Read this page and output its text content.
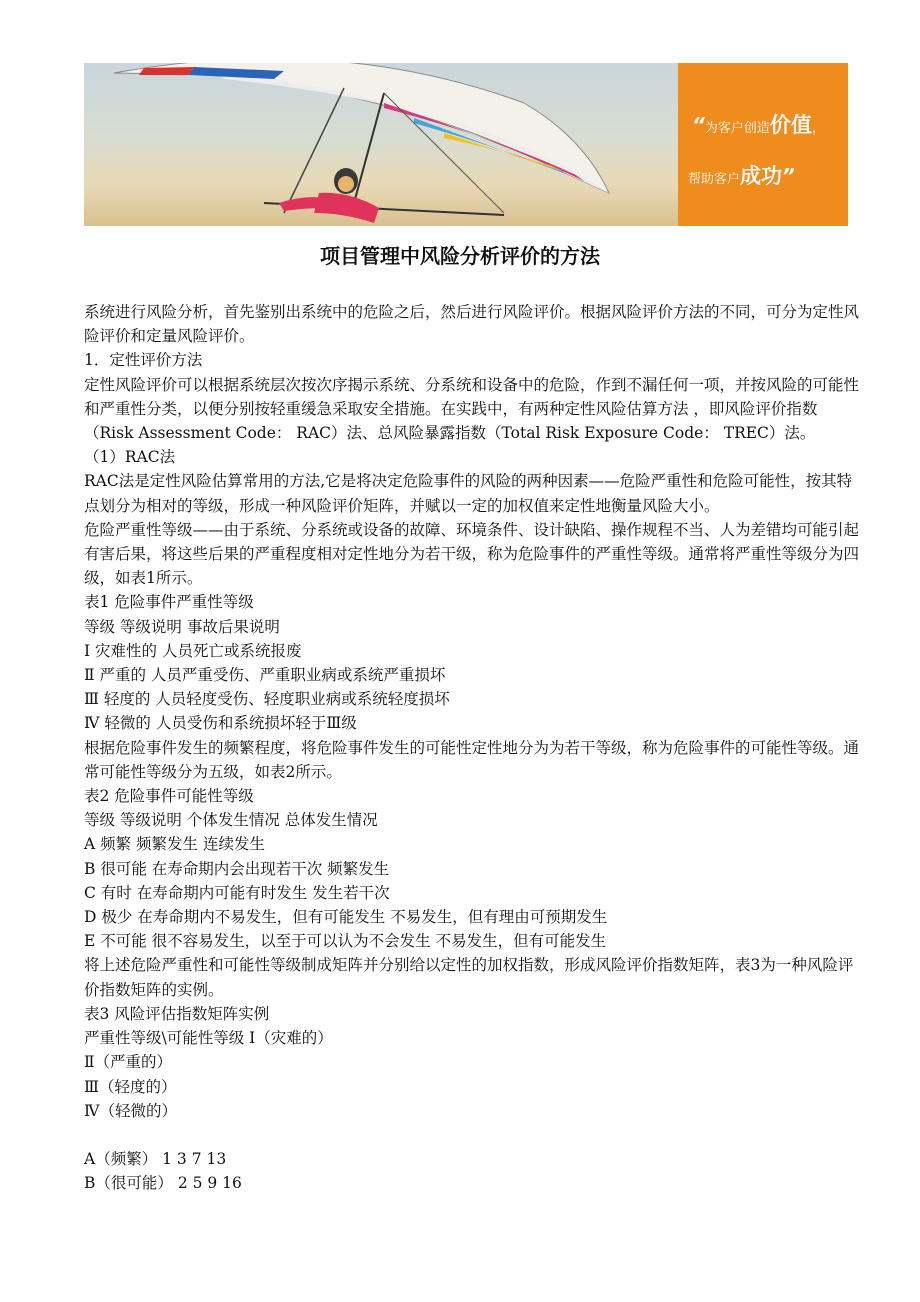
“为客户创造价值，
帮助客户成功”
项目管理中风险分析评价的方法

系统进行风险分析，首先鉴别出系统中的危险之后，然后进行风险评价。根据风险评价方法的不同，可分为定性风险评价和定量风险评价。

1．定性评价方法

定性风险评价可以根据系统层次按次序揭示系统、分系统和设备中的危险，作到不漏任何一项，并按风险的可能性和严重性分类，以便分别按轻重缓急采取安全措施。在实践中，有两种定性风险估算方法 ，即风险评价指数（Risk Assessment Code： RAC）法、总风险暴露指数（Total Risk Exposure Code： TREC）法。

（1）RAC法

RAC法是定性风险估算常用的方法,它是将决定危险事件的风险的两种因素——危险严重性和危险可能性，按其特点划分为相对的等级，形成一种风险评价矩阵，并赋以一定的加权值来定性地衡量风险大小。

危险严重性等级——由于系统、分系统或设备的故障、环境条件、设计缺陷、操作规程不当、人为差错均可能引起有害后果，将这些后果的严重程度相对定性地分为若干级，称为危险事件的严重性等级。通常将严重性等级分为四级，如表1所示。

表1 危险事件严重性等级

等级 等级说明 事故后果说明

Ⅰ 灾难性的 人员死亡或系统报废

Ⅱ 严重的 人员严重受伤、严重职业病或系统严重损坏

Ⅲ 轻度的 人员轻度受伤、轻度职业病或系统轻度损坏

Ⅳ 轻微的 人员受伤和系统损坏轻于Ⅲ级

根据危险事件发生的频繁程度，将危险事件发生的可能性定性地分为为若干等级，称为危险事件的可能性等级。通常可能性等级分为五级，如表2所示。

表2 危险事件可能性等级

等级 等级说明 个体发生情况 总体发生情况

A 频繁 频繁发生 连续发生

B 很可能 在寿命期内会出现若干次 频繁发生

C 有时 在寿命期内可能有时发生 发生若干次

D 极少 在寿命期内不易发生，但有可能发生 不易发生，但有理由可预期发生

E 不可能 很不容易发生，以至于可以认为不会发生 不易发生，但有可能发生

将上述危险严重性和可能性等级制成矩阵并分别给以定性的加权指数，形成风险评价指数矩阵，表3为一种风险评价指数矩阵的实例。

表3 风险评估指数矩阵实例

严重性等级\可能性等级 Ⅰ（灾难的）

Ⅱ（严重的）

Ⅲ（轻度的）

Ⅳ（轻微的）

A（频繁） 1 3 7 13

B（很可能） 2 5 9 16
